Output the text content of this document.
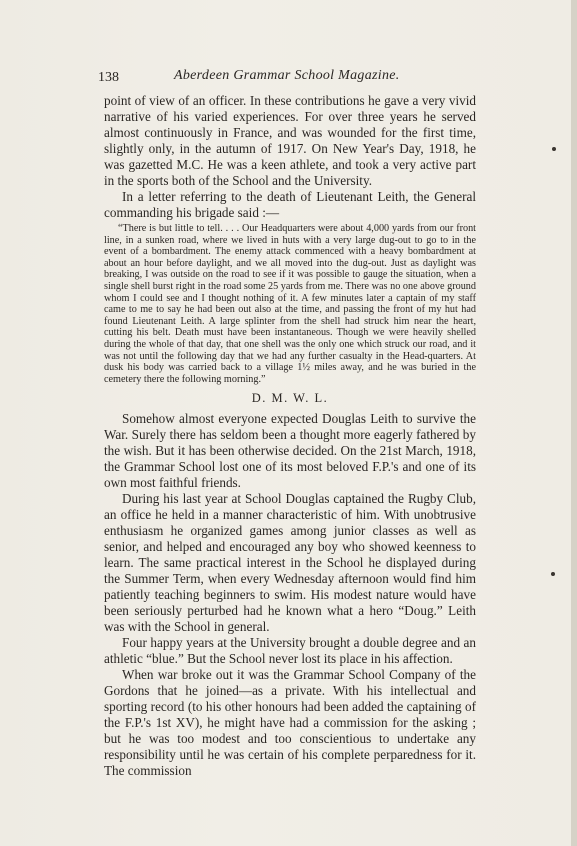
138	Aberdeen Grammar School Magazine.

point of view of an officer. In these contributions he gave a very vivid narrative of his varied experiences. For over three years he served almost continuously in France, and was wounded for the first time, slightly only, in the autumn of 1917. On New Year's Day, 1918, he was gazetted M.C. He was a keen athlete, and took a very active part in the sports both of the School and the University.

In a letter referring to the death of Lieutenant Leith, the General commanding his brigade said :—

“There is but little to tell. . . . Our Headquarters were about 4,000 yards from our front line, in a sunken road, where we lived in huts with a very large dug-out to go to in the event of a bombardment. The enemy attack commenced with a heavy bombardment at about an hour before daylight, and we all moved into the dug-out. Just as daylight was breaking, I was outside on the road to see if it was possible to gauge the situation, when a single shell burst right in the road some 25 yards from me. There was no one above ground whom I could see and I thought nothing of it. A few minutes later a captain of my staff came to me to say he had been out also at the time, and passing the front of my hut had found Lieutenant Leith. A large splinter from the shell had struck him near the heart, cutting his belt. Death must have been instantaneous. Though we were heavily shelled during the whole of that day, that one shell was the only one which struck our road, and it was not until the following day that we had any further casualty in the Head-quarters. At dusk his body was carried back to a village 1½ miles away, and he was buried in the cemetery there the following morning.”

D. M. W. L.

Somehow almost everyone expected Douglas Leith to survive the War. Surely there has seldom been a thought more eagerly fathered by the wish. But it has been otherwise decided. On the 21st March, 1918, the Grammar School lost one of its most beloved F.P.'s and one of its own most faithful friends.

During his last year at School Douglas captained the Rugby Club, an office he held in a manner characteristic of him. With unobtrusive enthusiasm he organized games among junior classes as well as senior, and helped and encouraged any boy who showed keenness to learn. The same practical interest in the School he displayed during the Summer Term, when every Wednesday afternoon would find him patiently teaching beginners to swim. His modest nature would have been seriously perturbed had he known what a hero “Doug.” Leith was with the School in general.

Four happy years at the University brought a double degree and an athletic “blue.” But the School never lost its place in his affection.

When war broke out it was the Grammar School Company of the Gordons that he joined—as a private. With his intellectual and sporting record (to his other honours had been added the captaining of the F.P.'s 1st XV), he might have had a commission for the asking ; but he was too modest and too conscientious to undertake any responsibility until he was certain of his complete perparedness for it. The commission
